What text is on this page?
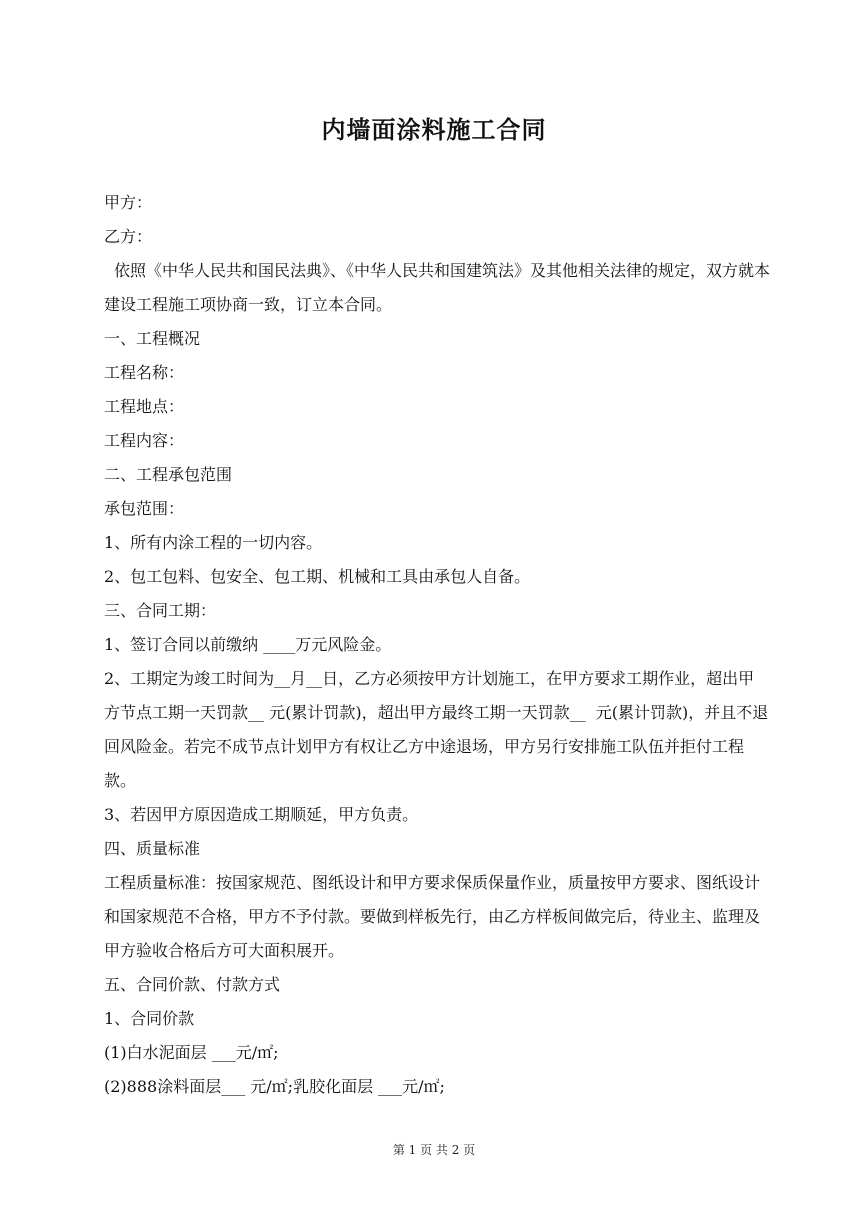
内墙面涂料施工合同

甲方：

乙方：

依照《中华人民共和国民法典》、《中华人民共和国建筑法》及其他相关法律的规定，双方就本建设工程施工项协商一致，订立本合同。

一、工程概况

工程名称：

工程地点：

工程内容：

二、工程承包范围

承包范围：

1、所有内涂工程的一切内容。

2、包工包料、包安全、包工期、机械和工具由承包人自备。

三、合同工期：

1、签订合同以前缴纳 ____万元风险金。

2、工期定为竣工时间为__月__日，乙方必须按甲方计划施工，在甲方要求工期作业，超出甲方节点工期一天罚款__ 元(累计罚款)，超出甲方最终工期一天罚款__  元(累计罚款)，并且不退回风险金。若完不成节点计划甲方有权让乙方中途退场，甲方另行安排施工队伍并拒付工程款。

3、若因甲方原因造成工期顺延，甲方负责。

四、质量标准

工程质量标准：按国家规范、图纸设计和甲方要求保质保量作业，质量按甲方要求、图纸设计和国家规范不合格，甲方不予付款。要做到样板先行，由乙方样板间做完后，待业主、监理及甲方验收合格后方可大面积展开。

五、合同价款、付款方式

1、合同价款

(1)白水泥面层 ___元/㎡;

(2)888涂料面层___ 元/㎡;乳胶化面层 ___元/㎡;

第 1 页 共 2 页
